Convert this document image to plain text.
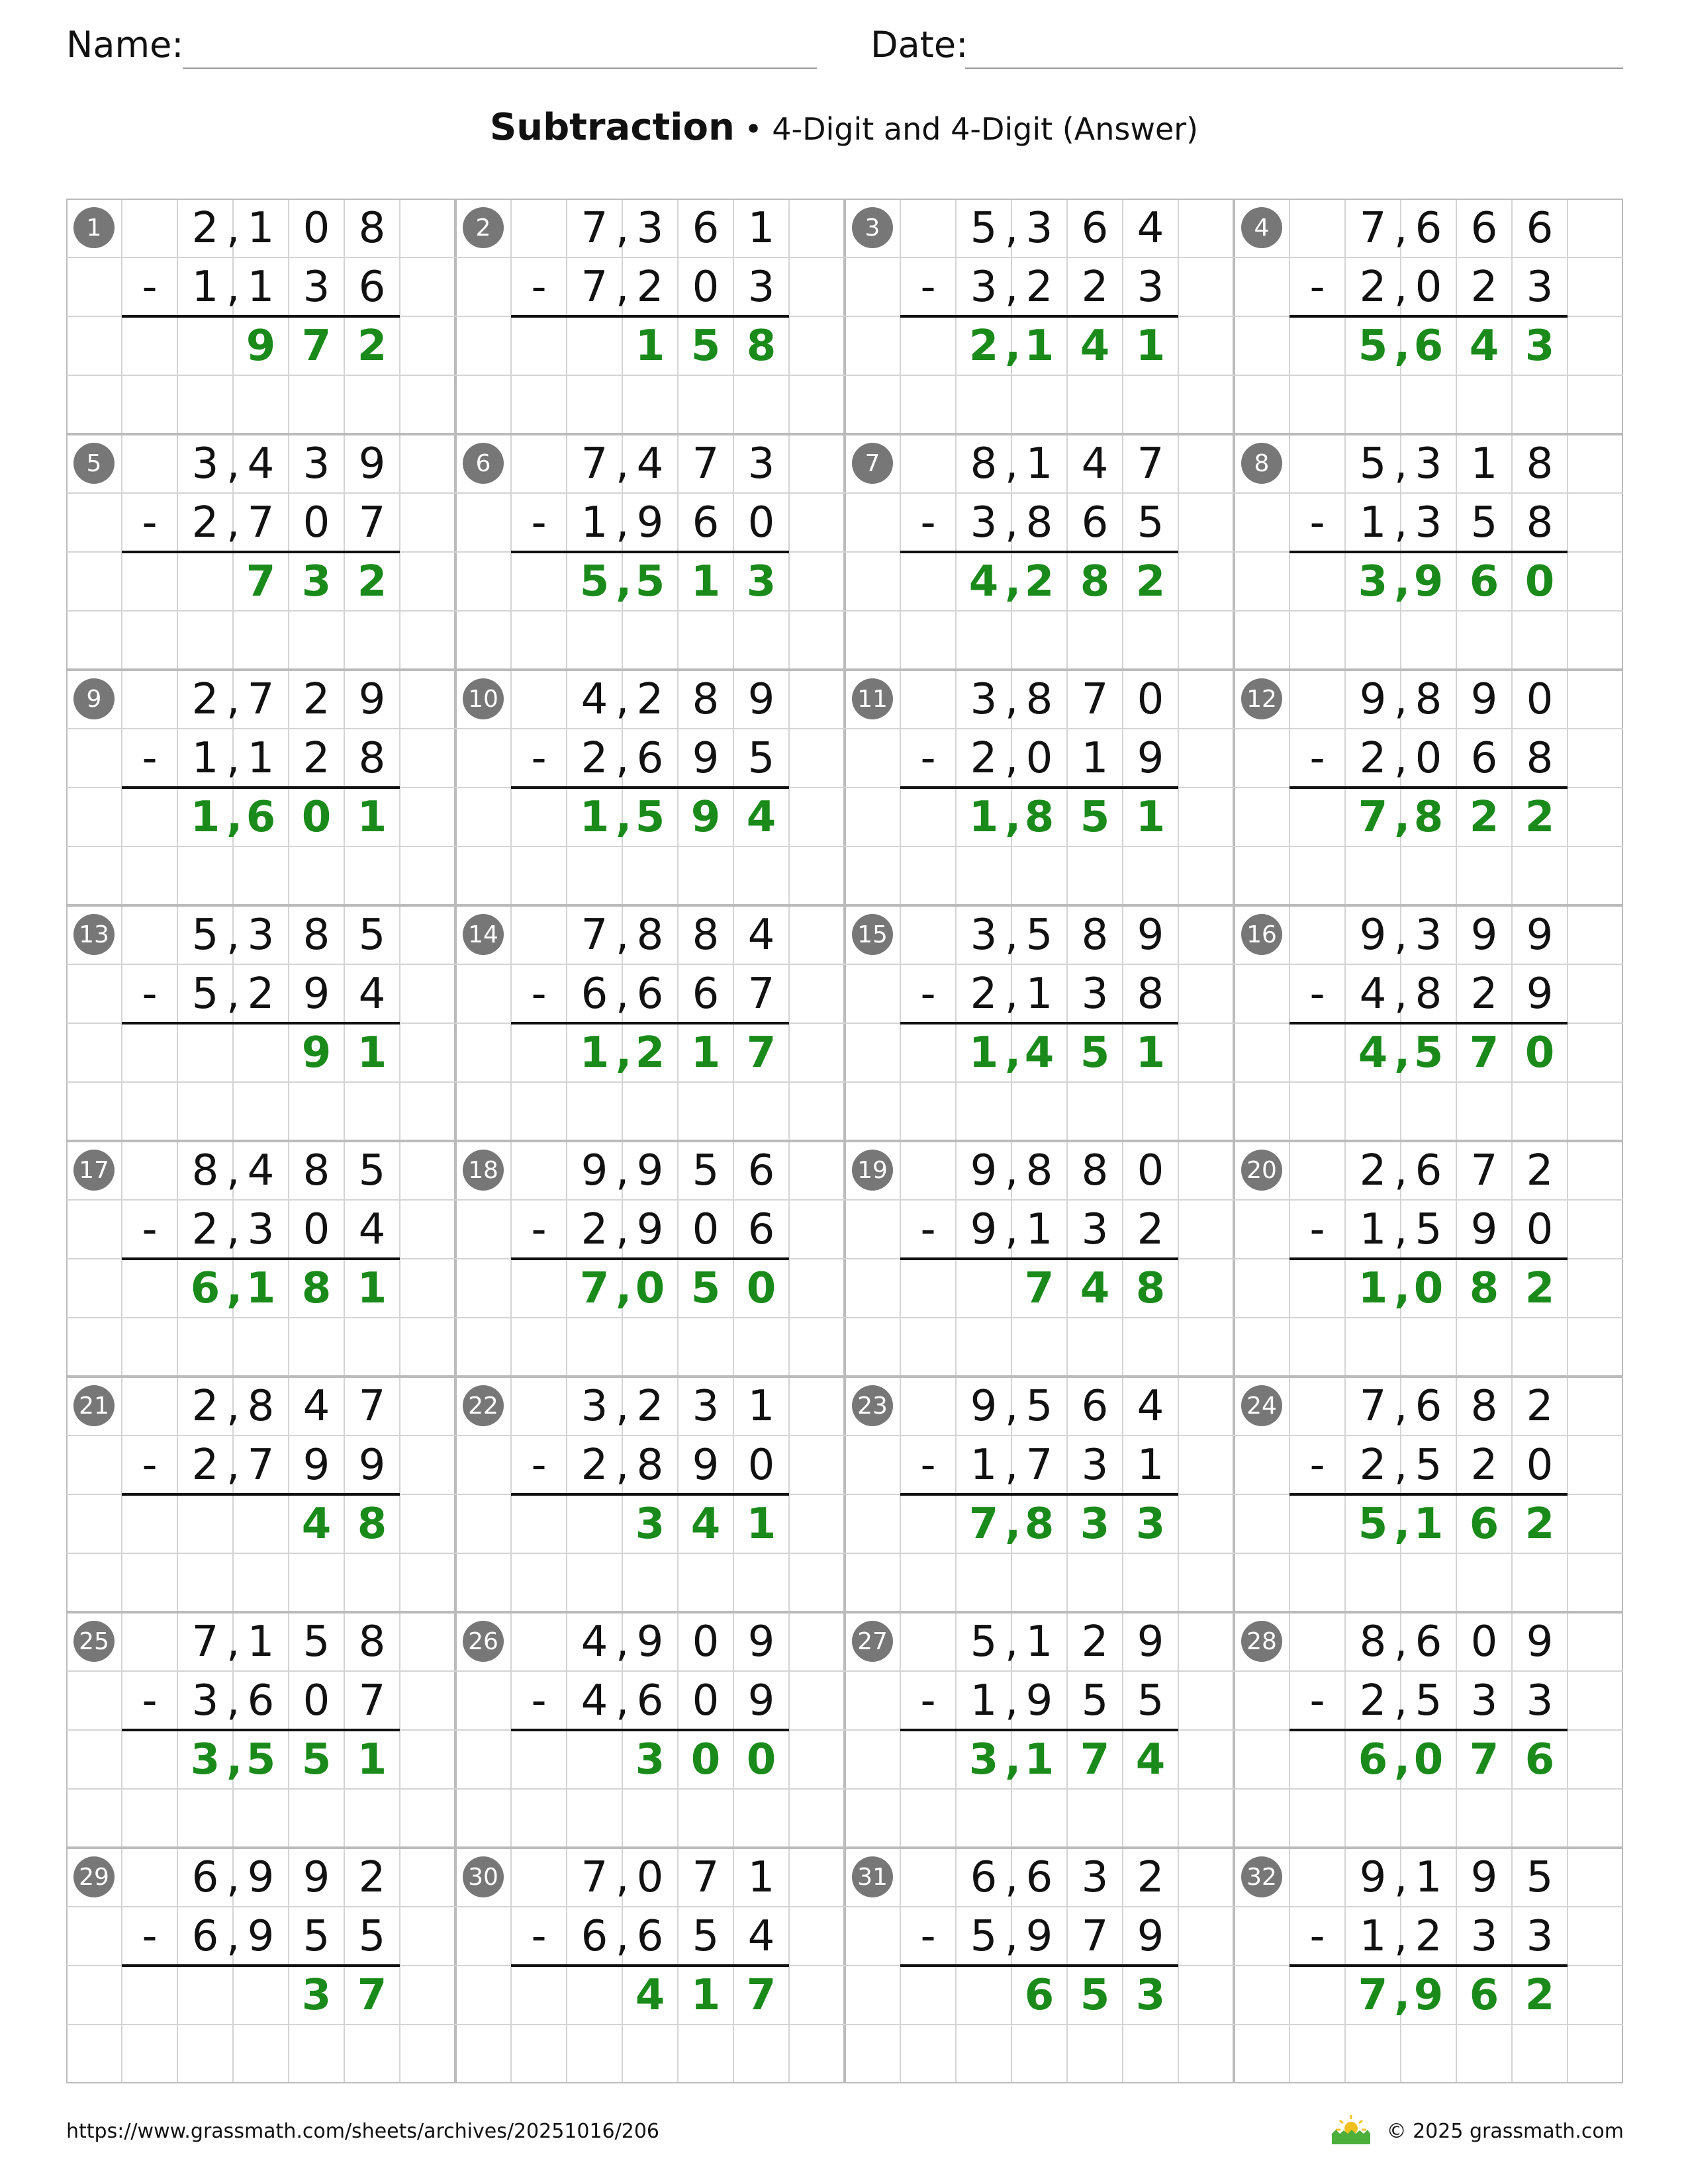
Name:	Date:
Subtraction • 4-Digit and 4-Digit (Answer)
1	2 , 1 0 8
- 1 , 1 3 6
9 7 2
2	7 , 3 6 1
- 7 , 2 0 3
1 5 8
3	5 , 3 6 4
- 3 , 2 2 3
2 , 1 4 1
4	7 , 6 6 6
- 2 , 0 2 3
5 , 6 4 3
5	3 , 4 3 9
- 2 , 7 0 7
7 3 2
6	7 , 4 7 3
- 1 , 9 6 0
5 , 5 1 3
7	8 , 1 4 7
- 3 , 8 6 5
4 , 2 8 2
8	5 , 3 1 8
- 1 , 3 5 8
3 , 9 6 0
9	2 , 7 2 9
- 1 , 1 2 8
1 , 6 0 1
10 4 , 2 8 9
- 2 , 6 9 5
1 , 5 9 4
11 3 , 8 7 0
- 2 , 0 1 9
1 , 8 5 1
12 9 , 8 9 0
- 2 , 0 6 8
7 , 8 2 2
13 5 , 3 8 5
- 5 , 2 9 4
9 1
14 7 , 8 8 4
- 6 , 6 6 7
1 , 2 1 7
15 3 , 5 8 9
- 2 , 1 3 8
1 , 4 5 1
16 9 , 3 9 9
- 4 , 8 2 9
4 , 5 7 0
17 8 , 4 8 5
- 2 , 3 0 4
6 , 1 8 1
18 9 , 9 5 6
- 2 , 9 0 6
7 , 0 5 0
19 9 , 8 8 0
- 9 , 1 3 2
7 4 8
20 2 , 6 7 2
- 1 , 5 9 0
1 , 0 8 2
21 2 , 8 4 7
- 2 , 7 9 9
4 8
22 3 , 2 3 1
- 2 , 8 9 0
3 4 1
23 9 , 5 6 4
- 1 , 7 3 1
7 , 8 3 3
24 7 , 6 8 2
- 2 , 5 2 0
5 , 1 6 2
25 7 , 1 5 8
- 3 , 6 0 7
3 , 5 5 1
26 4 , 9 0 9
- 4 , 6 0 9
3 0 0
27 5 , 1 2 9
- 1 , 9 5 5
3 , 1 7 4
28 8 , 6 0 9
- 2 , 5 3 3
6 , 0 7 6
29 6 , 9 9 2
- 6 , 9 5 5
3 7
30 7 , 0 7 1
- 6 , 6 5 4
4 1 7
31 6 , 6 3 2
- 5 , 9 7 9
6 5 3
32 9 , 1 9 5
- 1 , 2 3 3
7 , 9 6 2
https://www.grassmath.com/sheets/archives/20251016/206	© 2025 grassmath.com
